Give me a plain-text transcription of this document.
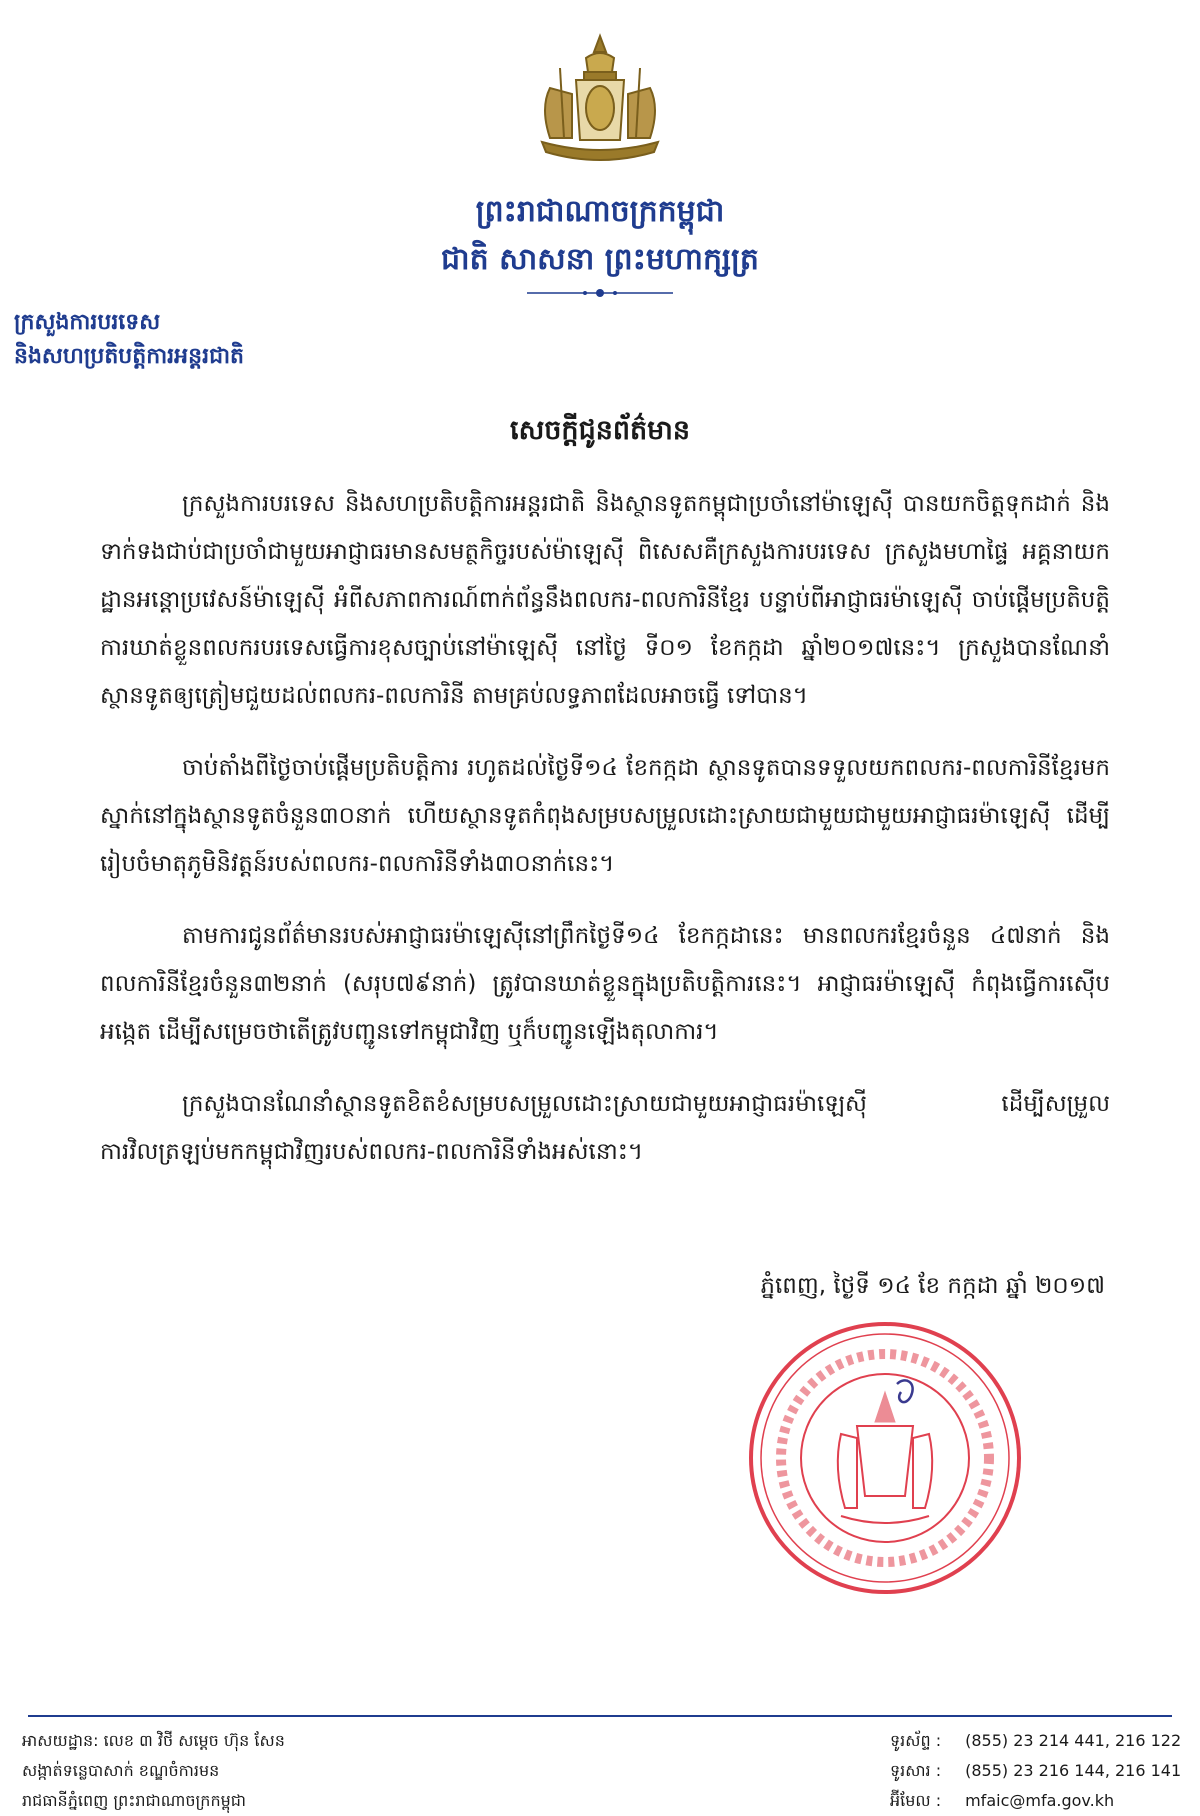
ព្រះរាជាណាចក្រកម្ពុជា
ជាតិ សាសនា ព្រះមហាក្សត្រ
ក្រសួងការបរទេស
និងសហប្រតិបត្តិការអន្តរជាតិ
សេចក្តីជូនព័ត៌មាន

ក្រសួងការបរទេស និងសហប្រតិបត្តិការអន្តរជាតិ និងស្ថានទូតកម្ពុជាប្រចាំនៅម៉ាឡេស៊ី បានយកចិត្តទុកដាក់ និងទាក់ទងជាប់ជាប្រចាំជាមួយអាជ្ញាធរមានសមត្ថកិច្ចរបស់ម៉ាឡេស៊ី ពិសេសគឺក្រសួងការបរទេស ក្រសួងមហាផ្ទៃ អគ្គនាយកដ្ឋានអន្តោប្រវេសន៍ម៉ាឡេស៊ី អំពីសភាពការណ៍ពាក់ព័ន្ធនឹងពលករ-ពលការិនីខ្មែរ បន្ទាប់ពីអាជ្ញាធរម៉ាឡេស៊ី ចាប់ផ្តើមប្រតិបត្តិការឃាត់ខ្លួនពលករបរទេសធ្វើការខុសច្បាប់នៅម៉ាឡេស៊ី នៅថ្ងៃ ទី០១ ខែកក្កដា ឆ្នាំ២០១៧នេះ។ ក្រសួងបានណែនាំស្ថានទូតឲ្យត្រៀមជួយដល់ពលករ-ពលការិនី តាមគ្រប់លទ្ធភាពដែលអាចធ្វើ ទៅបាន។

ចាប់តាំងពីថ្ងៃចាប់ផ្តើមប្រតិបត្តិការ រហូតដល់ថ្ងៃទី១៤ ខែកក្កដា ស្ថានទូតបានទទួលយកពលករ-ពលការិនីខ្មែរមកស្នាក់នៅក្នុងស្ថានទូតចំនួន៣០នាក់ ហើយស្ថានទូតកំពុងសម្របសម្រួលដោះស្រាយជាមួយជាមួយអាជ្ញាធរម៉ាឡេស៊ី ដើម្បីរៀបចំមាតុភូមិនិវត្តន៍របស់ពលករ-ពលការិនីទាំង៣០នាក់នេះ។

តាមការជូនព័ត៌មានរបស់អាជ្ញាធរម៉ាឡេស៊ីនៅព្រឹកថ្ងៃទី១៤ ខែកក្កដានេះ មានពលករខ្មែរចំនួន ៤៧នាក់ និងពលការិនីខ្មែរចំនួន៣២នាក់ (សរុប៧៩នាក់) ត្រូវបានឃាត់ខ្លួនក្នុងប្រតិបត្តិការនេះ។ អាជ្ញាធរម៉ាឡេស៊ី កំពុងធ្វើការស៊ើបអង្កេត ដើម្បីសម្រេចថាតើត្រូវបញ្ជូនទៅកម្ពុជាវិញ ឬក៏បញ្ជូនឡើងតុលាការ។

ក្រសួងបានណែនាំស្ថានទូតខិតខំសម្របសម្រួលដោះស្រាយជាមួយអាជ្ញាធរម៉ាឡេស៊ី ដើម្បីសម្រួលការវិលត្រឡប់មកកម្ពុជាវិញរបស់ពលករ-ពលការិនីទាំងអស់នោះ។

ភ្នំពេញ, ថ្ងៃទី ១៤ ខែ កក្កដា ឆ្នាំ ២០១៧
អាសយដ្ឋាន: លេខ ៣ វិថី សម្តេច ហ៊ុន សែន
សង្កាត់ទន្លេបាសាក់ ខណ្ឌចំការមន
រាជធានីភ្នំពេញ ព្រះរាជាណាចក្រកម្ពុជា
ទូរស័ព្ទ : (855) 23 214 441, 216 122
ទូរសារ : (855) 23 216 144, 216 141
អ៊ីមែល : mfaic@mfa.gov.kh
